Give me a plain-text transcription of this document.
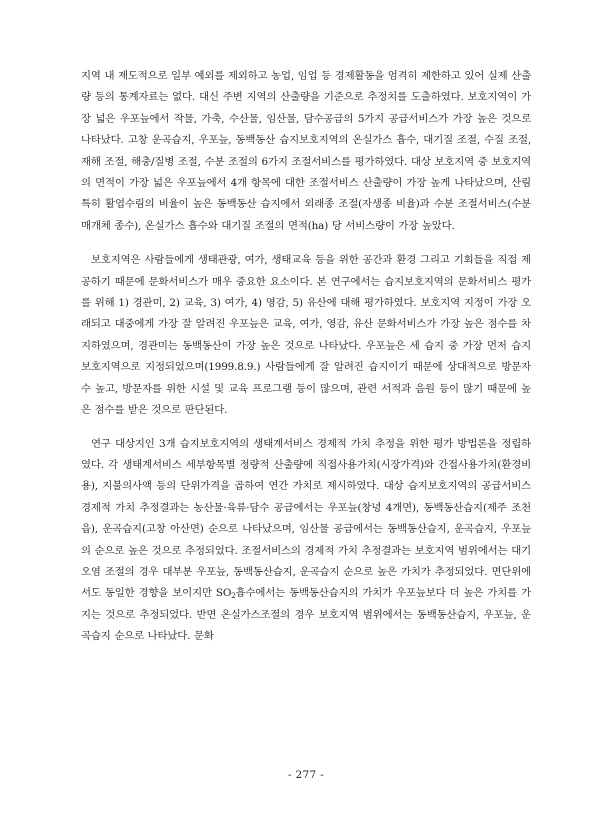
지역 내 제도적으로 일부 예외를 제외하고 농업, 임업 등 경제활동을 엄격히 제한하고 있어 실제 산출량 등의 통계자료는 없다. 대신 주변 지역의 산출량을 기준으로 추정치를 도출하였다. 보호지역이 가장 넓은 우포늪에서 작물, 가축, 수산물, 임산물, 담수공급의 5가지 공급서비스가 가장 높은 것으로 나타났다. 고창 운곡습지, 우포늪, 동백동산 습지보호지역의 온실가스 흡수, 대기질 조절, 수질 조절, 재해 조절, 해충/질병 조절, 수분 조절의 6가지 조절서비스를 평가하였다. 대상 보호지역 중 보호지역의 면적이 가장 넓은 우포늪에서 4개 항목에 대한 조절서비스 산출량이 가장 높게 나타났으며, 산림 특히 활엽수림의 비율이 높은 동백동산 습지에서 외래종 조절(자생종 비율)과 수분 조절서비스(수분매개체 종수), 온실가스 흡수와 대기질 조절의 면적(ha) 당 서비스량이 가장 높았다.

보호지역은 사람들에게 생태관광, 여가, 생태교육 등을 위한 공간과 환경 그리고 기회들을 직접 제공하기 때문에 문화서비스가 매우 중요한 요소이다. 본 연구에서는 습지보호지역의 문화서비스 평가를 위해 1) 경관미, 2) 교육, 3) 여가, 4) 영감, 5) 유산에 대해 평가하였다. 보호지역 지정이 가장 오래되고 대중에게 가장 잘 알려진 우포늪은 교육, 여가, 영감, 유산 문화서비스가 가장 높은 점수를 차지하였으며, 경관미는 동백동산이 가장 높은 것으로 나타났다. 우포늪은 세 습지 중 가장 먼저 습지 보호지역으로 지정되었으며(1999.8.9.) 사람들에게 잘 알려진 습지이기 때문에 상대적으로 방문자 수 높고, 방문자를 위한 시설 및 교육 프로그램 등이 많으며, 관련 서적과 음원 등이 많기 때문에 높은 점수를 받은 것으로 판단된다.

연구 대상지인 3개 습지보호지역의 생태계서비스 경제적 가치 추정을 위한 평가 방법론을 정립하였다. 각 생태계서비스 세부항목별 정량적 산출량에 직접사용가치(시장가격)와 간접사용가치(환경비용), 지불의사액 등의 단위가격을 곱하여 연간 가치로 제시하였다. 대상 습지보호지역의 공급서비스 경제적 가치 추정결과는 농산물·육류·담수 공급에서는 우포늪(창녕 4개면), 동백동산습지(제주 조천읍), 운곡습지(고창 아산면) 순으로 나타났으며, 임산물 공급에서는 동백동산습지, 운곡습지, 우포늪의 순으로 높은 것으로 추정되었다. 조절서비스의 경제적 가치 추정결과는 보호지역 범위에서는 대기오염 조절의 경우 대부분 우포늪, 동백동산습지, 운곡습지 순으로 높은 가치가 추정되었다. 면단위에서도 동일한 경향을 보이지만 $SO_2$흡수에서는 동백동산습지의 가치가 우포늪보다 더 높은 가치를 가지는 것으로 추정되었다. 반면 온실가스조절의 경우 보호지역 범위에서는 동백동산습지, 우포늪, 운곡습지 순으로 나타났다. 문화

- 277 -
